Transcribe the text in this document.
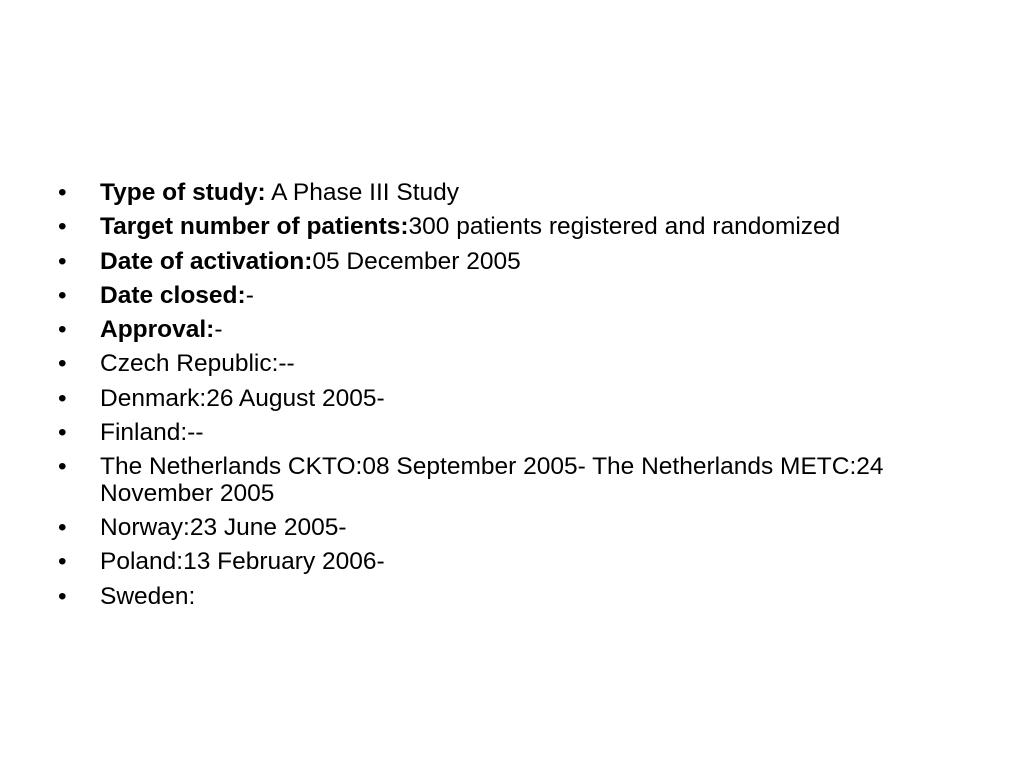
•	Type of study: A Phase III Study
•	Target number of patients:300 patients registered and randomized
•	Date of activation:05 December 2005
•	Date closed:-
•	Approval:-
•	Czech Republic:--
•	Denmark:26 August 2005-
•	Finland:--
•	The Netherlands CKTO:08 September 2005- The Netherlands METC:24 November 2005
•	Norway:23 June 2005-
•	Poland:13 February 2006-
•	Sweden:
